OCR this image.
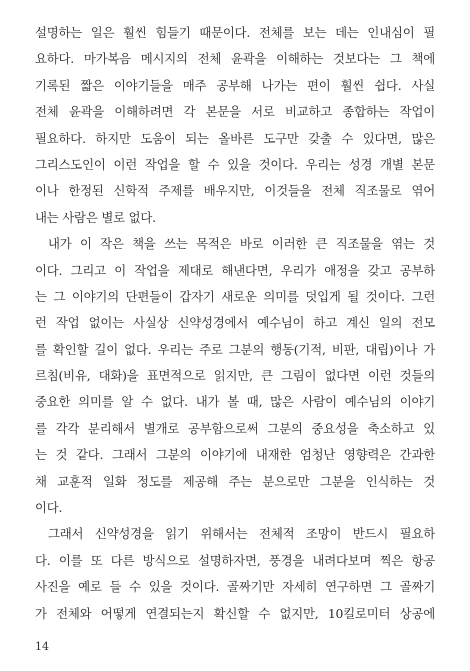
설명하는 일은 훨씬 힘들기 때문이다. 전체를 보는 데는 인내심이 필
요하다. 마가복음 메시지의 전체 윤곽을 이해하는 것보다는 그 책에
기록된 짧은 이야기들을 매주 공부해 나가는 편이 훨씬 쉽다. 사실
전체 윤곽을 이해하려면 각 본문을 서로 비교하고 종합하는 작업이
필요하다. 하지만 도움이 되는 올바른 도구만 갖출 수 있다면, 많은
그리스도인이 이런 작업을 할 수 있을 것이다. 우리는 성경 개별 본문
이나 한정된 신학적 주제를 배우지만, 이것들을 전체 직조물로 엮어
내는 사람은 별로 없다.
내가 이 작은 책을 쓰는 목적은 바로 이러한 큰 직조물을 엮는 것
이다. 그리고 이 작업을 제대로 해낸다면, 우리가 애정을 갖고 공부하
는 그 이야기의 단편들이 갑자기 새로운 의미를 덧입게 될 것이다. 그런
런 작업 없이는 사실상 신약성경에서 예수님이 하고 계신 일의 전모
를 확인할 길이 없다. 우리는 주로 그분의 행동(기적, 비판, 대립)이나 가
르침(비유, 대화)을 표면적으로 읽지만, 큰 그림이 없다면 이런 것들의
중요한 의미를 알 수 없다. 내가 볼 때, 많은 사람이 예수님의 이야기
를 각각 분리해서 별개로 공부함으로써 그분의 중요성을 축소하고 있
는 것 같다. 그래서 그분의 이야기에 내재한 엄청난 영향력은 간과한
채 교훈적 일화 정도를 제공해 주는 분으로만 그분을 인식하는 것
이다.
그래서 신약성경을 읽기 위해서는 전체적 조망이 반드시 필요하
다. 이를 또 다른 방식으로 설명하자면, 풍경을 내려다보며 찍은 항공
사진을 예로 들 수 있을 것이다. 골짜기만 자세히 연구하면 그 골짜기
가 전체와 어떻게 연결되는지 확신할 수 없지만, 10킬로미터 상공에
14
